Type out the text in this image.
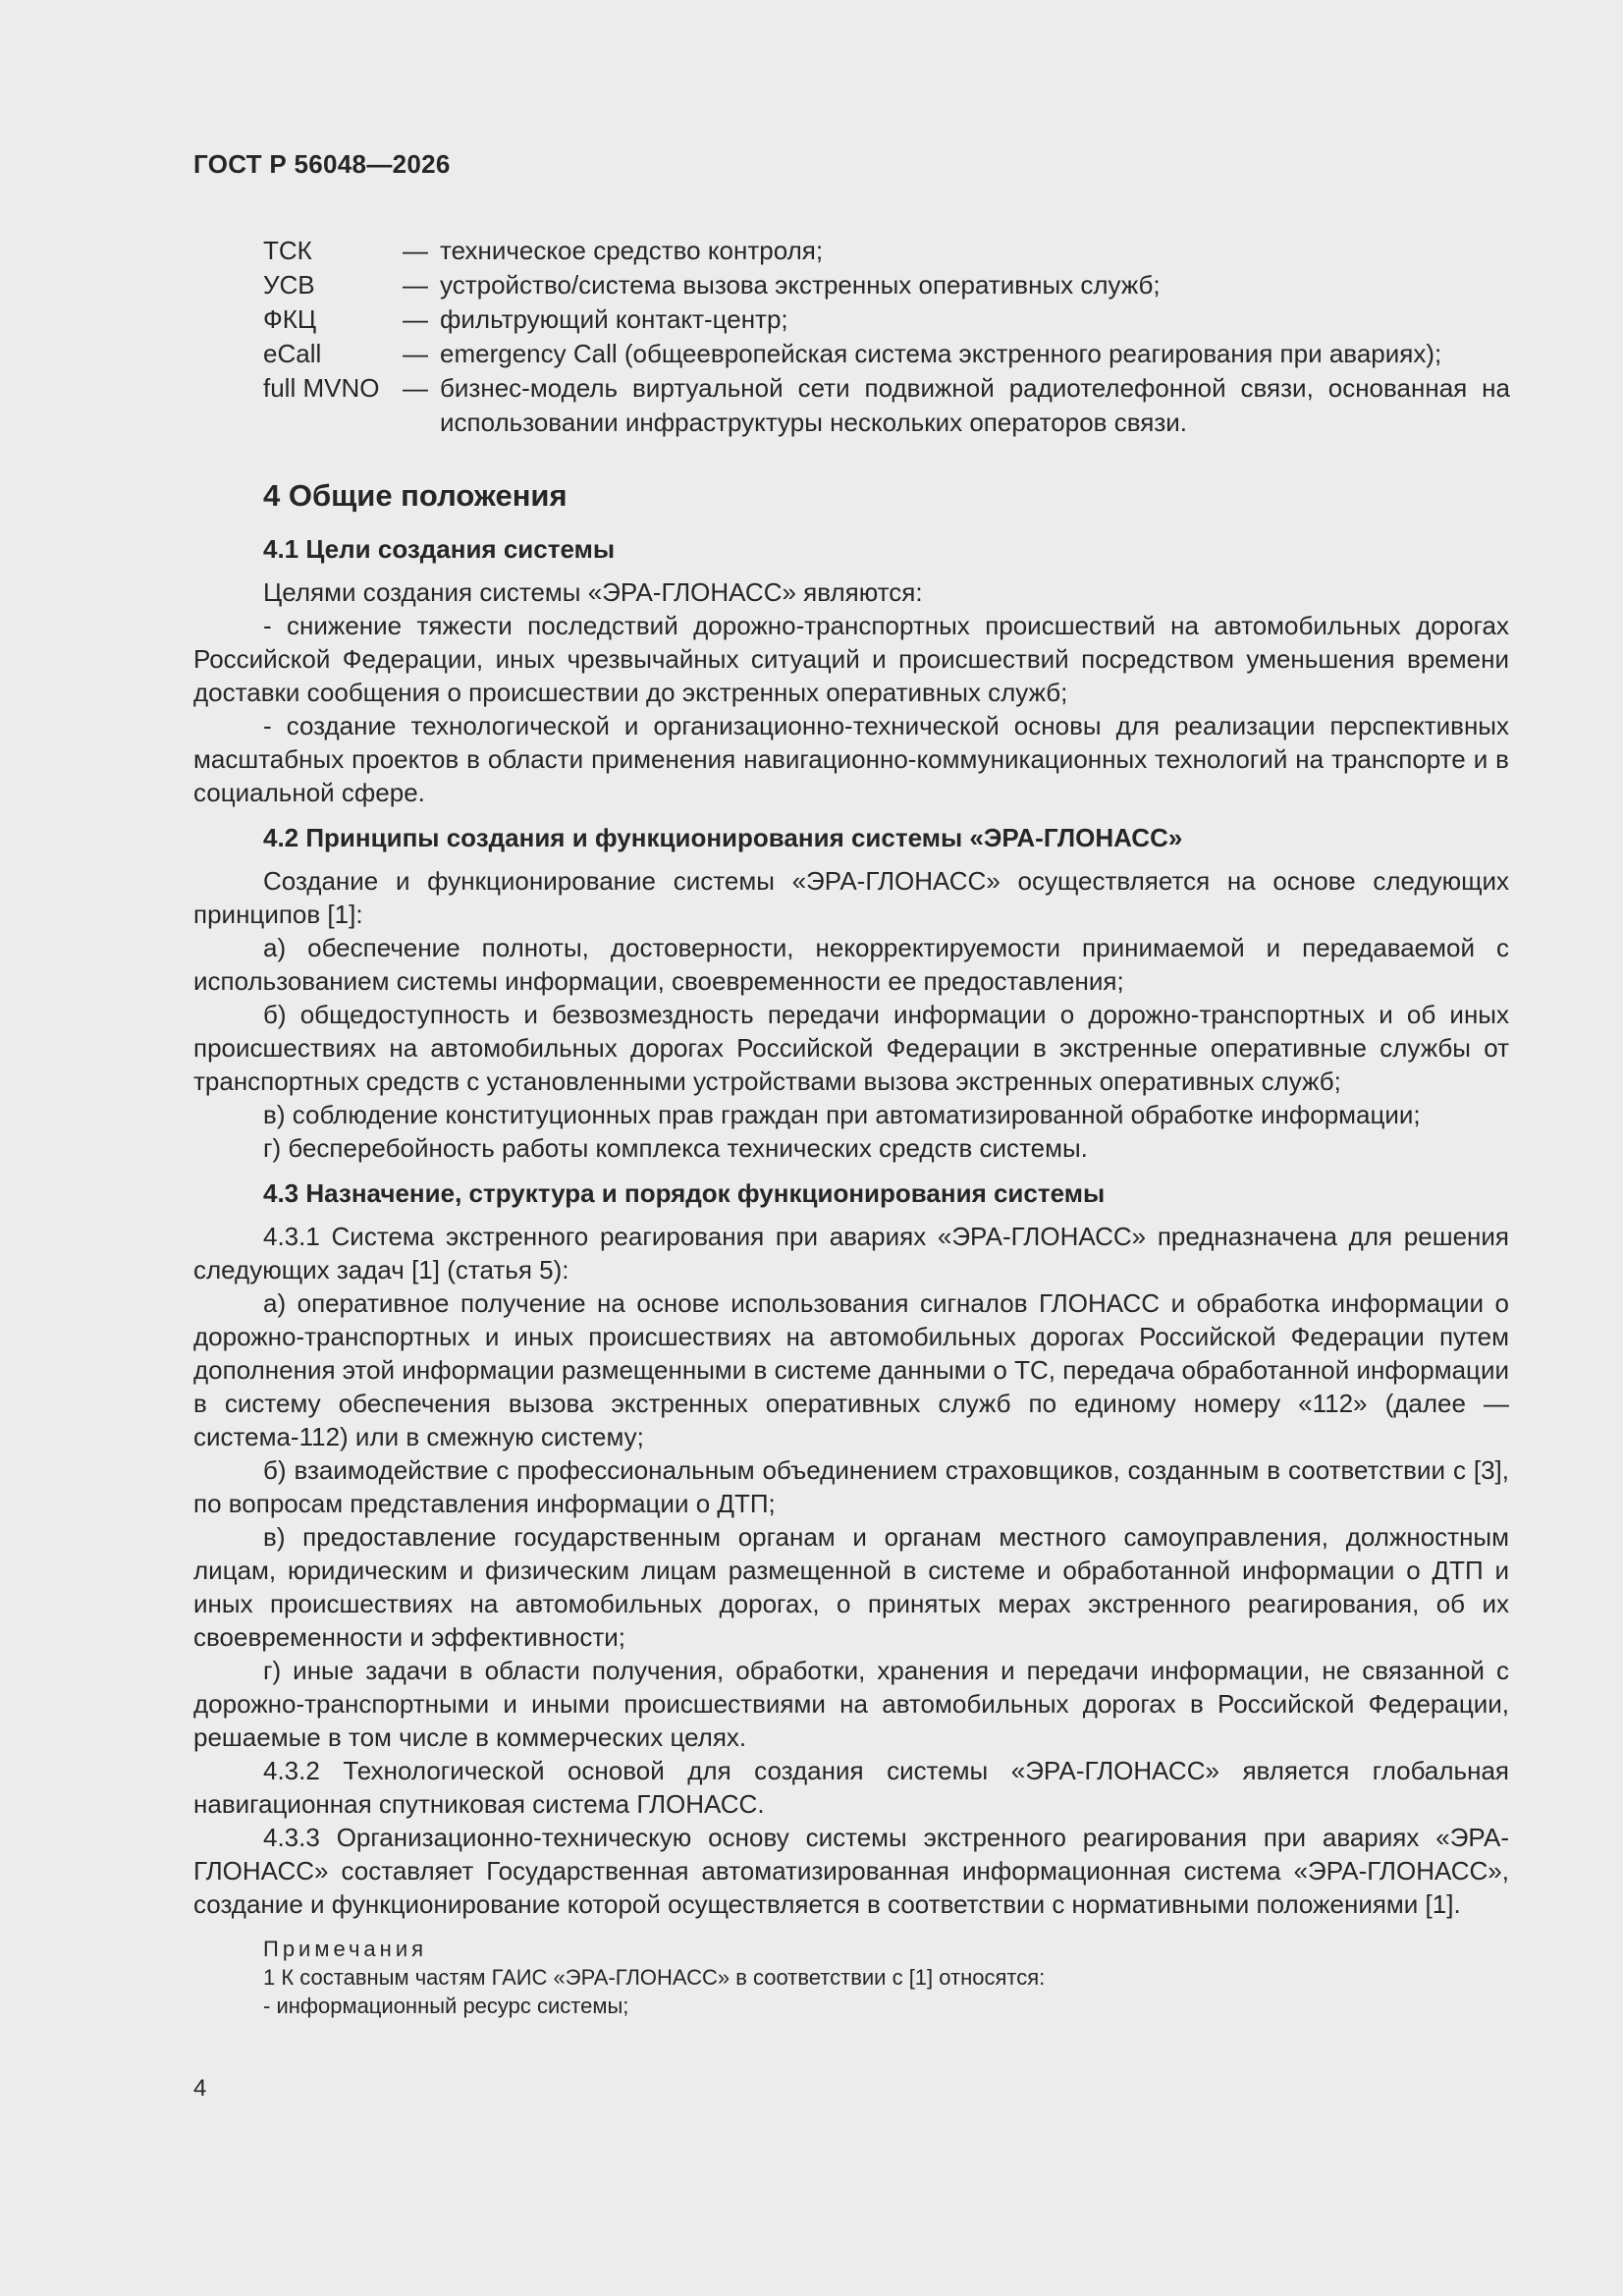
ГОСТ Р 56048—2026
ТСК	— техническое средство контроля;
УСВ	— устройство/система вызова экстренных оперативных служб;
ФКЦ	— фильтрующий контакт-центр;
eCall	— emergency Call (общеевропейская система экстренного реагирования при авариях);
full MVNO — бизнес-модель виртуальной сети подвижной радиотелефонной связи, основанная на использовании инфраструктуры нескольких операторов связи.
4 Общие положения
4.1 Цели создания системы

Целями создания системы «ЭРА-ГЛОНАСС» являются:

- снижение тяжести последствий дорожно-транспортных происшествий на автомобильных дорогах Российской Федерации, иных чрезвычайных ситуаций и происшествий посредством уменьшения времени доставки сообщения о происшествии до экстренных оперативных служб;

- создание технологической и организационно-технической основы для реализации перспективных масштабных проектов в области применения навигационно-коммуникационных технологий на транспорте и в социальной сфере.

4.2 Принципы создания и функционирования системы «ЭРА-ГЛОНАСС»

Создание и функционирование системы «ЭРА-ГЛОНАСС» осуществляется на основе следующих принципов [1]:

а) обеспечение полноты, достоверности, некорректируемости принимаемой и передаваемой с использованием системы информации, своевременности ее предоставления;

б) общедоступность и безвозмездность передачи информации о дорожно-транспортных и об иных происшествиях на автомобильных дорогах Российской Федерации в экстренные оперативные службы от транспортных средств с установленными устройствами вызова экстренных оперативных служб;

в) соблюдение конституционных прав граждан при автоматизированной обработке информации;

г) бесперебойность работы комплекса технических средств системы.

4.3 Назначение, структура и порядок функционирования системы

4.3.1 Система экстренного реагирования при авариях «ЭРА-ГЛОНАСС» предназначена для решения следующих задач [1] (статья 5):

а) оперативное получение на основе использования сигналов ГЛОНАСС и обработка информации о дорожно-транспортных и иных происшествиях на автомобильных дорогах Российской Федерации путем дополнения этой информации размещенными в системе данными о ТС, передача обработанной информации в систему обеспечения вызова экстренных оперативных служб по единому номеру «112» (далее — система-112) или в смежную систему;

б) взаимодействие с профессиональным объединением страховщиков, созданным в соответствии с [3], по вопросам представления информации о ДТП;

в) предоставление государственным органам и органам местного самоуправления, должностным лицам, юридическим и физическим лицам размещенной в системе и обработанной информации о ДТП и иных происшествиях на автомобильных дорогах, о принятых мерах экстренного реагирования, об их своевременности и эффективности;

г) иные задачи в области получения, обработки, хранения и передачи информации, не связанной с дорожно-транспортными и иными происшествиями на автомобильных дорогах в Российской Федерации, решаемые в том числе в коммерческих целях.

4.3.2 Технологической основой для создания системы «ЭРА-ГЛОНАСС» является глобальная навигационная спутниковая система ГЛОНАСС.

4.3.3 Организационно-техническую основу системы экстренного реагирования при авариях «ЭРА-ГЛОНАСС» составляет Государственная автоматизированная информационная система «ЭРА-ГЛОНАСС», создание и функционирование которой осуществляется в соответствии с нормативными положениями [1].

Примечания
1 К составным частям ГАИС «ЭРА-ГЛОНАСС» в соответствии с [1] относятся:
- информационный ресурс системы;
4
